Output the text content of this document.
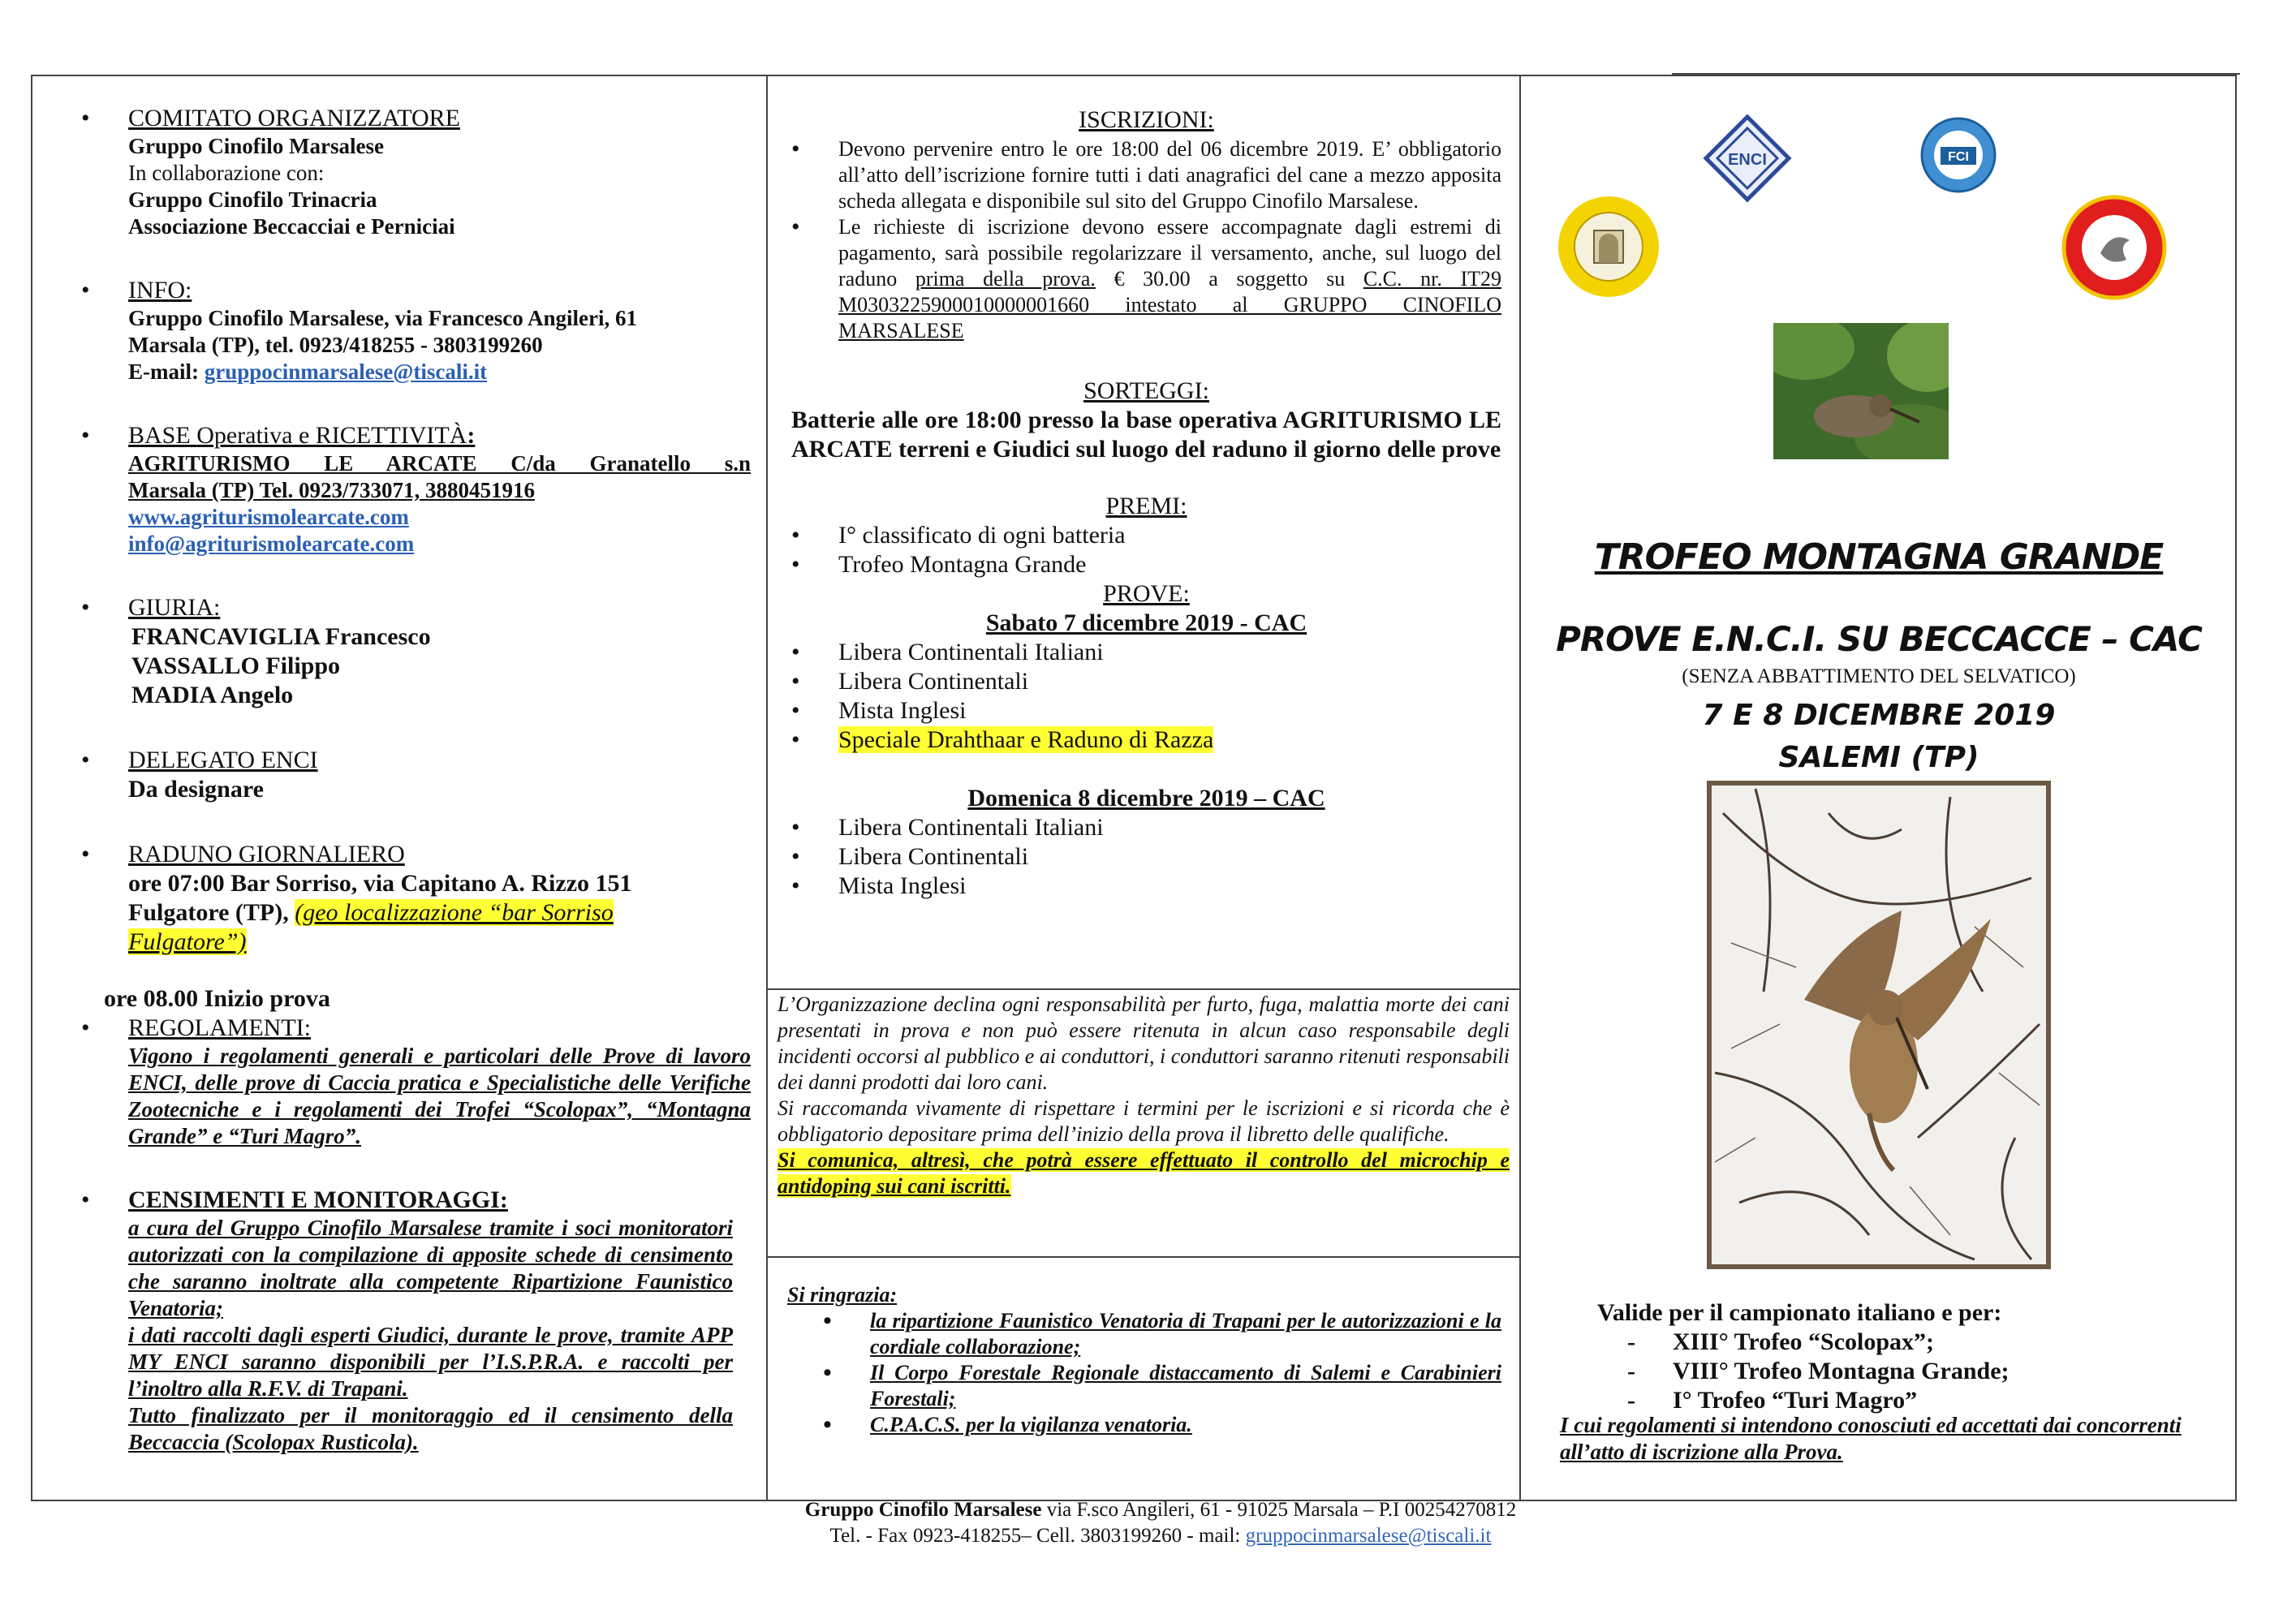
• COMITATO ORGANIZZATORE
Gruppo Cinofilo Marsalese
In collaborazione con:
Gruppo Cinofilo Trinacria
Associazione Beccacciai e Perniciai
• INFO:
Gruppo Cinofilo Marsalese, via Francesco Angileri, 61
Marsala (TP), tel. 0923/418255 - 3803199260
E-mail: gruppocinmarsalese@tiscali.it
• BASE Operativa e RICETTIVITÀ:
AGRITURISMO LE ARCATE C/da Granatello s.n
Marsala (TP) Tel. 0923/733071, 3880451916
www.agriturismolearcate.com
info@agriturismolearcate.com
• GIURIA:
FRANCAVIGLIA Francesco
VASSALLO Filippo
MADIA Angelo
• DELEGATO ENCI
Da designare
• RADUNO GIORNALIERO
ore 07:00 Bar Sorriso, via Capitano A. Rizzo 151
Fulgatore (TP), (geo localizzazione “bar Sorriso
Fulgatore”)
ore 08.00 Inizio prova
• REGOLAMENTI:
Vigono i regolamenti generali e particolari delle Prove di lavoro ENCI, delle prove di Caccia pratica e Specialistiche delle Verifiche Zootecniche e i regolamenti dei Trofei “Scolopax”, “Montagna Grande” e “Turi Magro”.
• CENSIMENTI E MONITORAGGI:
a cura del Gruppo Cinofilo Marsalese tramite i soci monitoratori autorizzati con la compilazione di apposite schede di censimento che saranno inoltrate alla competente Ripartizione Faunistico Venatoria;
i dati raccolti dagli esperti Giudici, durante le prove, tramite APP MY ENCI saranno disponibili per l’I.S.P.R.A. e raccolti per l’inoltro alla R.F.V. di Trapani.
Tutto finalizzato per il monitoraggio ed il censimento della Beccaccia (Scolopax Rusticola).
ISCRIZIONI:
• Devono pervenire entro le ore 18:00 del 06 dicembre 2019. E’ obbligatorio all’atto dell’iscrizione fornire tutti i dati anagrafici del cane a mezzo apposita scheda allegata e disponibile sul sito del Gruppo Cinofilo Marsalese.
• Le richieste di iscrizione devono essere accompagnate dagli estremi di pagamento, sarà possibile regolarizzare il versamento, anche, sul luogo del raduno prima della prova. € 30.00 a soggetto su C.C. nr. IT29 M0303225900010000001660 intestato al GRUPPO CINOFILO MARSALESE
SORTEGGI:
Batterie alle ore 18:00 presso la base operativa AGRITURISMO LE ARCATE terreni e Giudici sul luogo del raduno il giorno delle prove
PREMI:
• I° classificato di ogni batteria
• Trofeo Montagna Grande
PROVE:
Sabato 7 dicembre 2019 - CAC
• Libera Continentali Italiani
• Libera Continentali
• Mista Inglesi
• Speciale Drahthaar e Raduno di Razza
Domenica 8 dicembre 2019 – CAC
• Libera Continentali Italiani
• Libera Continentali
• Mista Inglesi
L’Organizzazione declina ogni responsabilità per furto, fuga, malattia morte dei cani presentati in prova e non può essere ritenuta in alcun caso responsabile degli incidenti occorsi al pubblico e ai conduttori, i conduttori saranno ritenuti responsabili dei danni prodotti dai loro cani.
Si raccomanda vivamente di rispettare i termini per le iscrizioni e si ricorda che è obbligatorio depositare prima dell’inizio della prova il libretto delle qualifiche.
Si comunica, altresì, che potrà essere effettuato il controllo del microchip e antidoping sui cani iscritti.
Si ringrazia:
• la ripartizione Faunistico Venatoria di Trapani per le autorizzazioni e la cordiale collaborazione;
• Il Corpo Forestale Regionale distaccamento di Salemi e Carabinieri Forestali;
• C.P.A.C.S. per la vigilanza venatoria.
ENCI	FCI
TROFEO MONTAGNA GRANDE
PROVE E.N.C.I. SU BECCACCE – CAC
(SENZA ABBATTIMENTO DEL SELVATICO)
7 E 8 DICEMBRE 2019
SALEMI (TP)
Valide per il campionato italiano e per:
- XIII° Trofeo “Scolopax”;
- VIII° Trofeo Montagna Grande;
- I° Trofeo “Turi Magro”
I cui regolamenti si intendono conosciuti ed accettati dai concorrenti all’atto di iscrizione alla Prova.
Gruppo Cinofilo Marsalese via F.sco Angileri, 61 - 91025 Marsala – P.I 00254270812
Tel. - Fax 0923-418255– Cell. 3803199260 - mail: gruppocinmarsalese@tiscali.it
